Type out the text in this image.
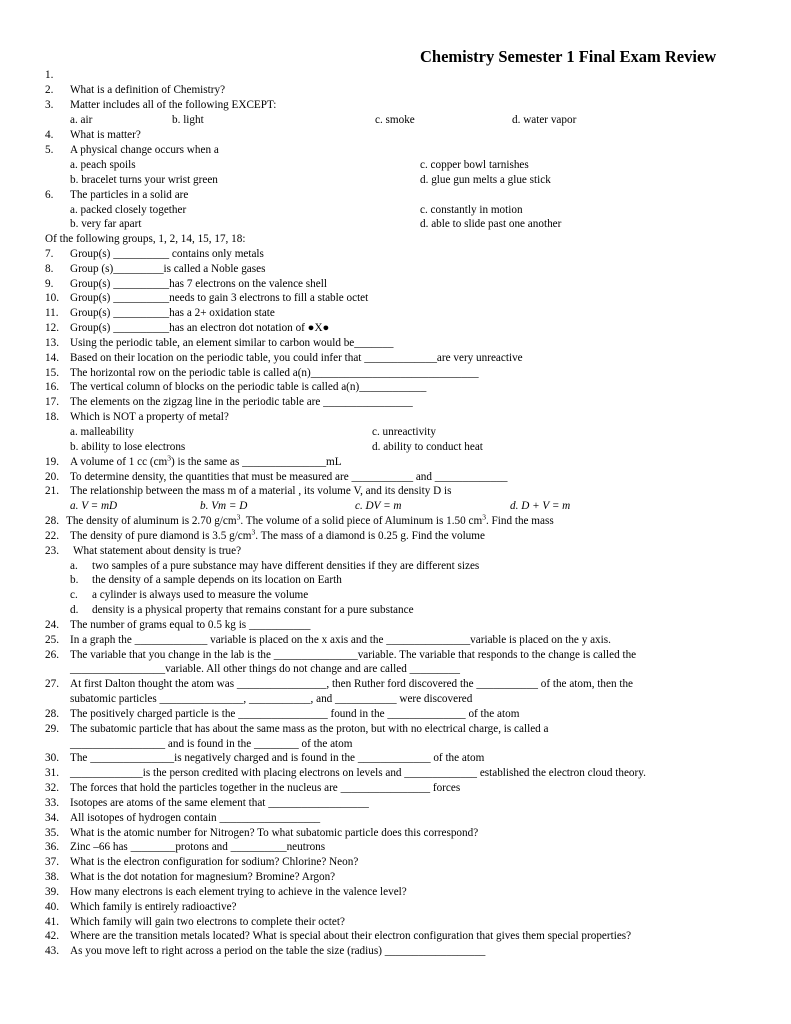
Chemistry Semester 1 Final Exam Review
1.
2. What is a definition of Chemistry?
3. Matter includes all of the following EXCEPT:
a. air	b. light	c. smoke	d. water vapor
4. What is matter?
5. A physical change occurs when a
a. peach spoils	c. copper bowl tarnishes
b. bracelet turns your wrist green	d. glue gun melts a glue stick
6. The particles in a solid are
a. packed closely together	c. constantly in motion
b. very far apart	d. able to slide past one another
Of the following groups, 1, 2, 14, 15, 17, 18:
7. Group(s) __________ contains only metals
8. Group (s)_________is called a Noble gases
9. Group(s) __________has 7 electrons on the valence shell
10. Group(s) __________needs to gain 3 electrons to fill a stable octet
11. Group(s) __________has a 2+ oxidation state
12. Group(s) __________has an electron dot notation of ●X●
13. Using the periodic table, an element similar to carbon would be_______
14. Based on their location on the periodic table, you could infer that _____________are very unreactive
15. The horizontal row on the periodic table is called a(n)______________________________
16. The vertical column of blocks on the periodic table is called a(n)____________
17. The elements on the zigzag line in the periodic table are ________________
18. Which is NOT a property of metal?
a. malleability	c. unreactivity
b. ability to lose electrons	d. ability to conduct heat
19. A volume of 1 cc $(cm^3)$ is the same as _______________mL
20. To determine density, the quantities that must be measured are ___________ and _____________
21. The relationship between the mass m of a material , its volume V, and its density D is
a. V = mD	b. Vm = D	c. DV = m	d. D + V = m
28. The density of aluminum is 2.70 $g/cm^3$. The volume of a solid piece of Aluminum is 1.50 $cm^3$. Find the mass
22. The density of pure diamond is 3.5 $g/cm^3$. The mass of a diamond is 0.25 g. Find the volume
23. What statement about density is true?
a. two samples of a pure substance may have different densities if they are different sizes
b. the density of a sample depends on its location on Earth
c. a cylinder is always used to measure the volume
d. density is a physical property that remains constant for a pure substance
24. The number of grams equal to 0.5 kg is ___________
25. In a graph the _____________ variable is placed on the x axis and the _______________variable is placed on the y axis.
26. The variable that you change in the lab is the _______________variable. The variable that responds to the change is called the
_________________variable. All other things do not change and are called _________
27. At first Dalton thought the atom was ________________, then Ruther ford discovered the ___________ of the atom, then the
subatomic particles _______________, ___________, and ___________ were discovered
28. The positively charged particle is the ________________ found in the ______________ of the atom
29. The subatomic particle that has about the same mass as the proton, but with no electrical charge, is called a
_________________ and is found in the ________ of the atom
30. The _______________is negatively charged and is found in the _____________ of the atom
31. _____________is the person credited with placing electrons on levels and _____________ established the electron cloud theory.
32. The forces that hold the particles together in the nucleus are ________________ forces
33. Isotopes are atoms of the same element that __________________
34. All isotopes of hydrogen contain __________________
35. What is the atomic number for Nitrogen? To what subatomic particle does this correspond?
36. Zinc –66 has ________protons and __________neutrons
37. What is the electron configuration for sodium? Chlorine? Neon?
38. What is the dot notation for magnesium? Bromine? Argon?
39. How many electrons is each element trying to achieve in the valence level?
40. Which family is entirely radioactive?
41. Which family will gain two electrons to complete their octet?
42. Where are the transition metals located? What is special about their electron configuration that gives them special properties?
43. As you move left to right across a period on the table the size (radius) __________________
